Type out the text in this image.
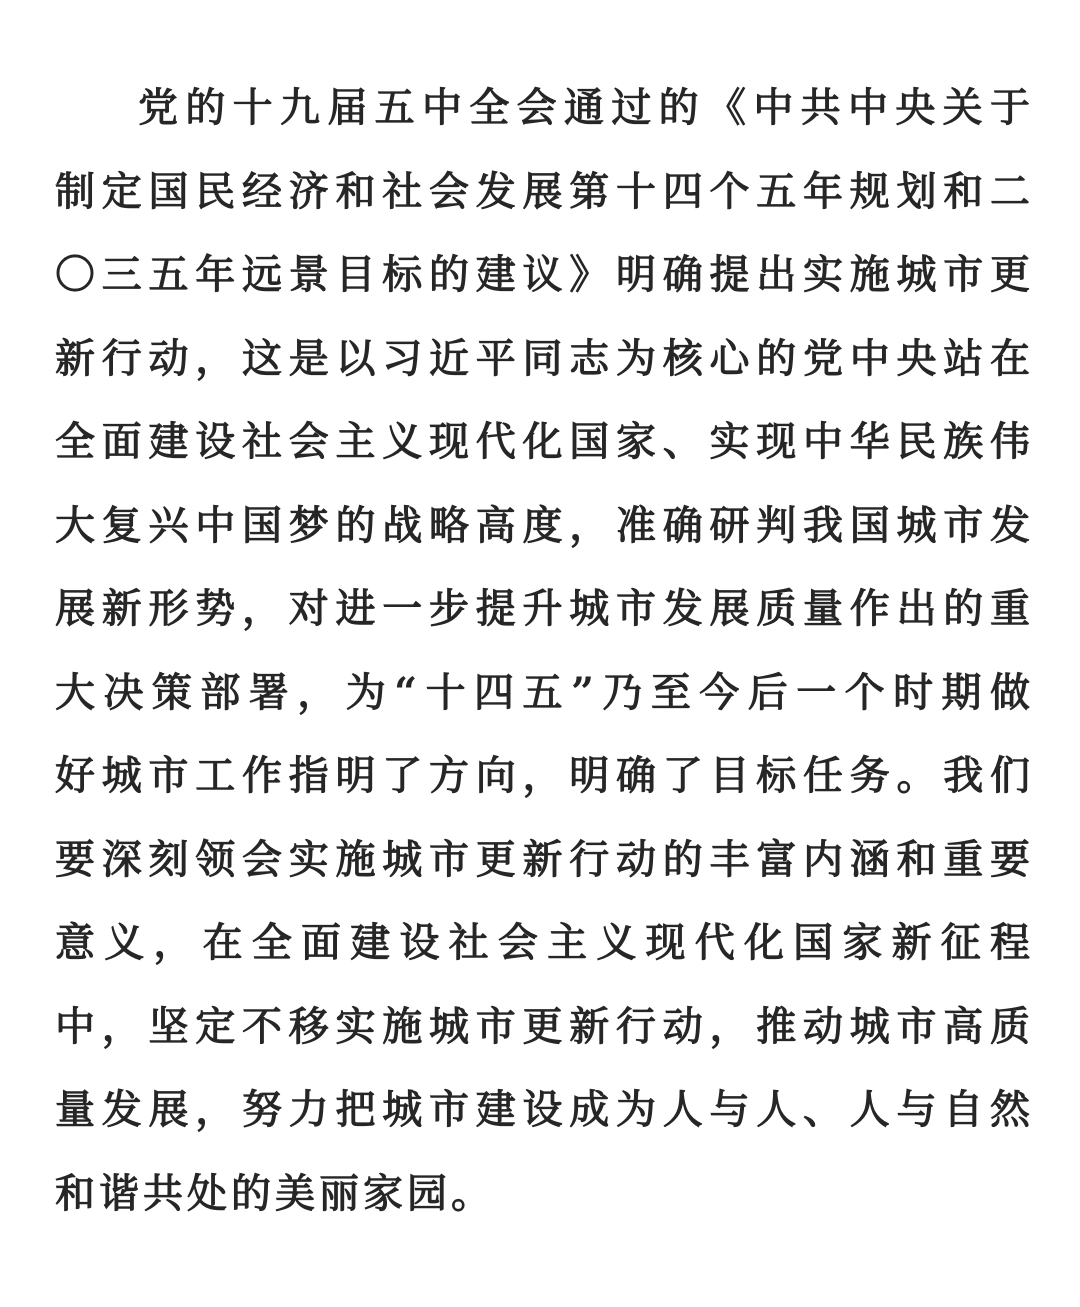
党的十九届五中全会通过的《中共中央关于
制定国民经济和社会发展第十四个五年规划和二
〇三五年远景目标的建议》明确提出实施城市更
新行动，这是以习近平同志为核心的党中央站在
全面建设社会主义现代化国家、实现中华民族伟
大复兴中国梦的战略高度，准确研判我国城市发
展新形势，对进一步提升城市发展质量作出的重
大决策部署，为“十四五”乃至今后一个时期做
好城市工作指明了方向，明确了目标任务。我们
要深刻领会实施城市更新行动的丰富内涵和重要
意义，在全面建设社会主义现代化国家新征程
中，坚定不移实施城市更新行动，推动城市高质
量发展，努力把城市建设成为人与人、人与自然
和谐共处的美丽家园。
